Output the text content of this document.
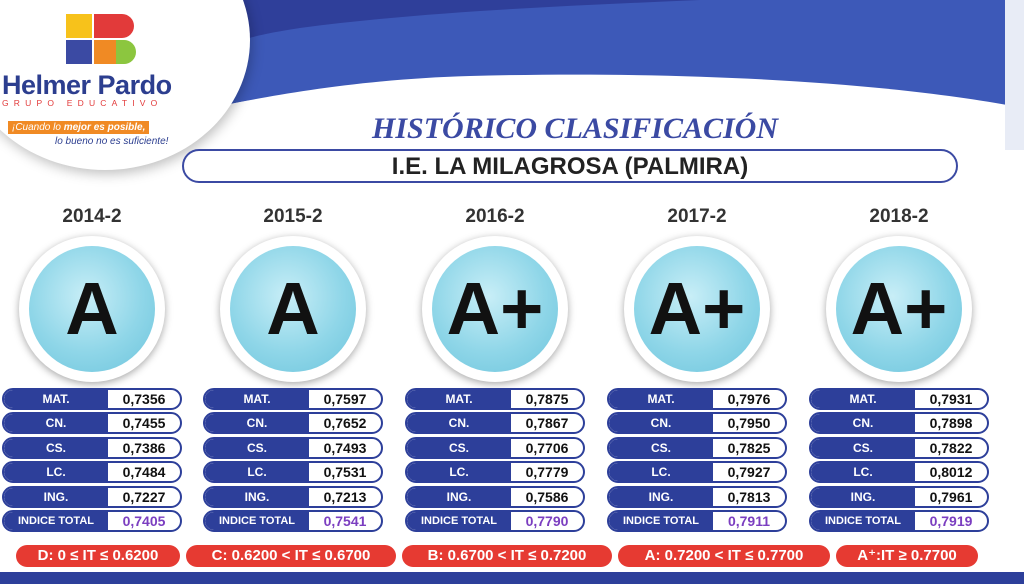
Helmer Pardo
GRUPO EDUCATIVO
¡Cuando lo mejor es posible,
lo bueno no es suficiente!	HISTÓRICO CLASIFICACIÓN
I.E. LA MILAGROSA (PALMIRA)
2014-2
A
MAT.	0,7356
CN.	0,7455
CS.	0,7386
LC.	0,7484
ING.	0,7227
INDICE TOTAL	0,7405
2015-2
A
MAT.	0,7597
CN.	0,7652
CS.	0,7493
LC.	0,7531
ING.	0,7213
INDICE TOTAL	0,7541
2016-2
A+
MAT.	0,7875
CN.	0,7867
CS.	0,7706
LC.	0,7779
ING.	0,7586
INDICE TOTAL	0,7790
2017-2
A+
MAT.	0,7976
CN.	0,7950
CS.	0,7825
LC.	0,7927
ING.	0,7813
INDICE TOTAL	0,7911
2018-2
A+
MAT.	0,7931
CN.	0,7898
CS.	0,7822
LC.	0,8012
ING.	0,7961
INDICE TOTAL	0,7919
D: 0 ≤ IT ≤ 0.6200	C: 0.6200 < IT ≤ 0.6700	B: 0.6700 < IT ≤ 0.7200	A: 0.7200 < IT ≤ 0.7700	A⁺:IT ≥ 0.7700
